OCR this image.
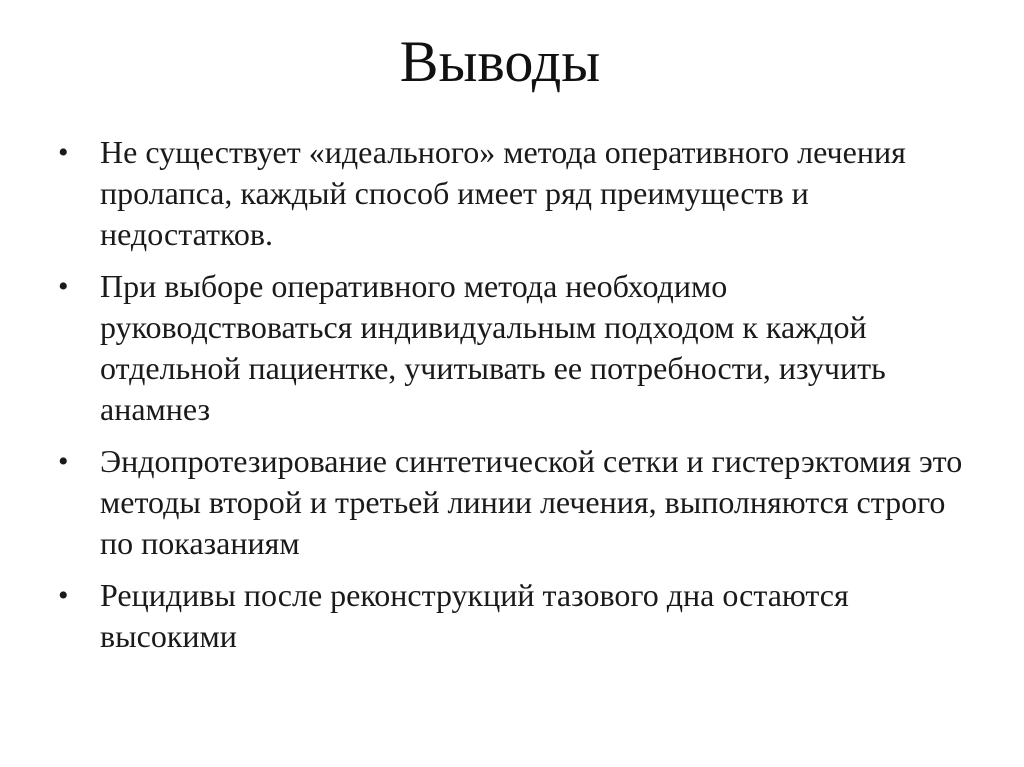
Выводы
• Не существует «идеального» метода оперативного лечения пролапса, каждый способ имеет ряд преимуществ и недостатков.
• При выборе оперативного метода необходимо руководствоваться индивидуальным подходом к каждой отдельной пациентке, учитывать ее потребности, изучить анамнез
• Эндопротезирование синтетической сетки и гистерэктомия это методы второй и третьей линии лечения, выполняются строго по показаниям
• Рецидивы после реконструкций тазового дна остаются высокими
